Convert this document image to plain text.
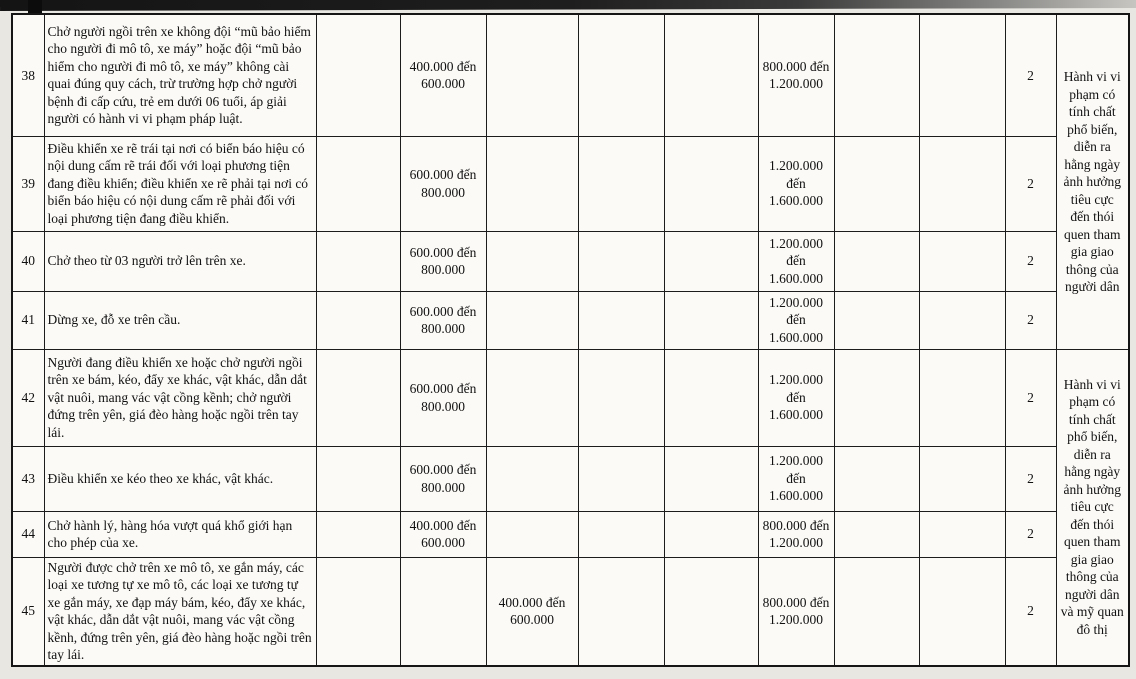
38	Chở người ngồi trên xe không đội “mũ bảo hiểm cho người đi mô tô, xe máy” hoặc đội “mũ bảo hiểm cho người đi mô tô, xe máy” không cài quai đúng quy cách, trừ trường hợp chở người bệnh đi cấp cứu, trẻ em dưới 06 tuổi, áp giải người có hành vi vi phạm pháp luật.		400.000 đến 600.000				800.000 đến 1.200.000			2	Hành vi vi phạm có tính chất phổ biến, diễn ra hằng ngày ảnh hưởng tiêu cực đến thói quen tham gia giao thông của người dân
39	Điều khiển xe rẽ trái tại nơi có biển báo hiệu có nội dung cấm rẽ trái đối với loại phương tiện đang điều khiển; điều khiển xe rẽ phải tại nơi có biển báo hiệu có nội dung cấm rẽ phải đối với loại phương tiện đang điều khiển.		600.000 đến 800.000				1.200.000 đến 1.600.000			2	
40	Chở theo từ 03 người trở lên trên xe.		600.000 đến 800.000				1.200.000 đến 1.600.000			2	
41	Dừng xe, đỗ xe trên cầu.		600.000 đến 800.000				1.200.000 đến 1.600.000			2	
42	Người đang điều khiển xe hoặc chở người ngồi trên xe bám, kéo, đẩy xe khác, vật khác, dẫn dắt vật nuôi, mang vác vật cồng kềnh; chở người đứng trên yên, giá đèo hàng hoặc ngồi trên tay lái.		600.000 đến 800.000				1.200.000 đến 1.600.000			2	Hành vi vi phạm có tính chất phổ biến, diễn ra hằng ngày ảnh hưởng tiêu cực đến thói quen tham gia giao thông của người dân và mỹ quan đô thị
43	Điều khiển xe kéo theo xe khác, vật khác.		600.000 đến 800.000				1.200.000 đến 1.600.000			2	
44	Chở hành lý, hàng hóa vượt quá khổ giới hạn cho phép của xe.		400.000 đến 600.000				800.000 đến 1.200.000			2	
45	Người được chở trên xe mô tô, xe gắn máy, các loại xe tương tự xe mô tô, các loại xe tương tự xe gắn máy, xe đạp máy bám, kéo, đẩy xe khác, vật khác, dẫn dắt vật nuôi, mang vác vật cồng kềnh, đứng trên yên, giá đèo hàng hoặc ngồi trên tay lái.			400.000 đến 600.000			800.000 đến 1.200.000			2	
